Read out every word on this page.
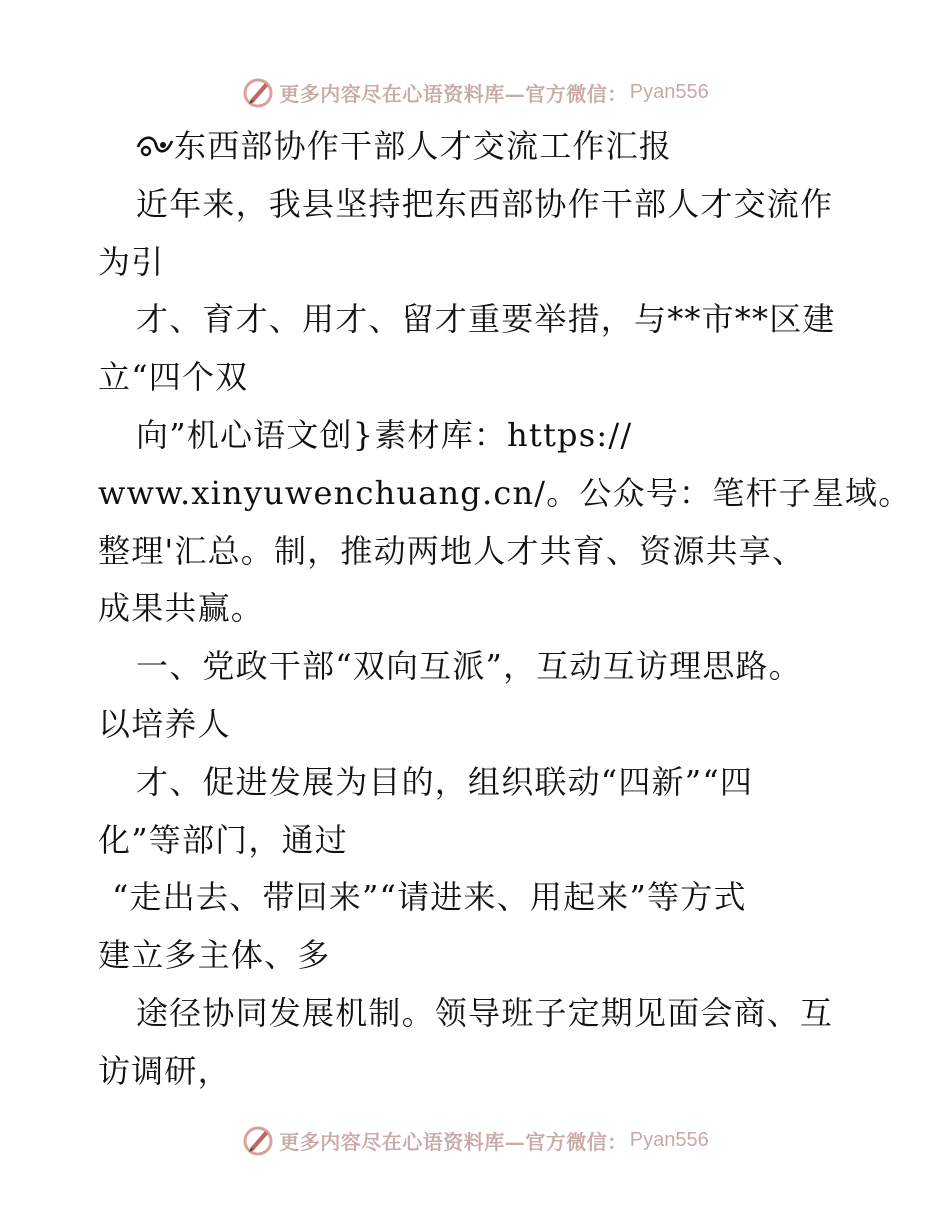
更多内容尽在心语资料库—官方微信： Pyan556
东西部协作干部人才交流工作汇报
近年来，我县坚持把东西部协作干部人才交流作
为引
才、育才、用才、留才重要举措，与**市**区建
立“四个双
向”机心语文创}素材库：https://
www.xinyuwenchuang.cn/。公众号：笔杆子星域。
整理'汇总。制，推动两地人才共育、资源共享、
成果共赢。
一、党政干部“双向互派”，互动互访理思路。
以培养人
才、促进发展为目的，组织联动“四新”“四
化”等部门，通过
“走出去、带回来”“请进来、用起来”等方式
建立多主体、多
途径协同发展机制。领导班子定期见面会商、互
访调研，
更多内容尽在心语资料库—官方微信： Pyan556
